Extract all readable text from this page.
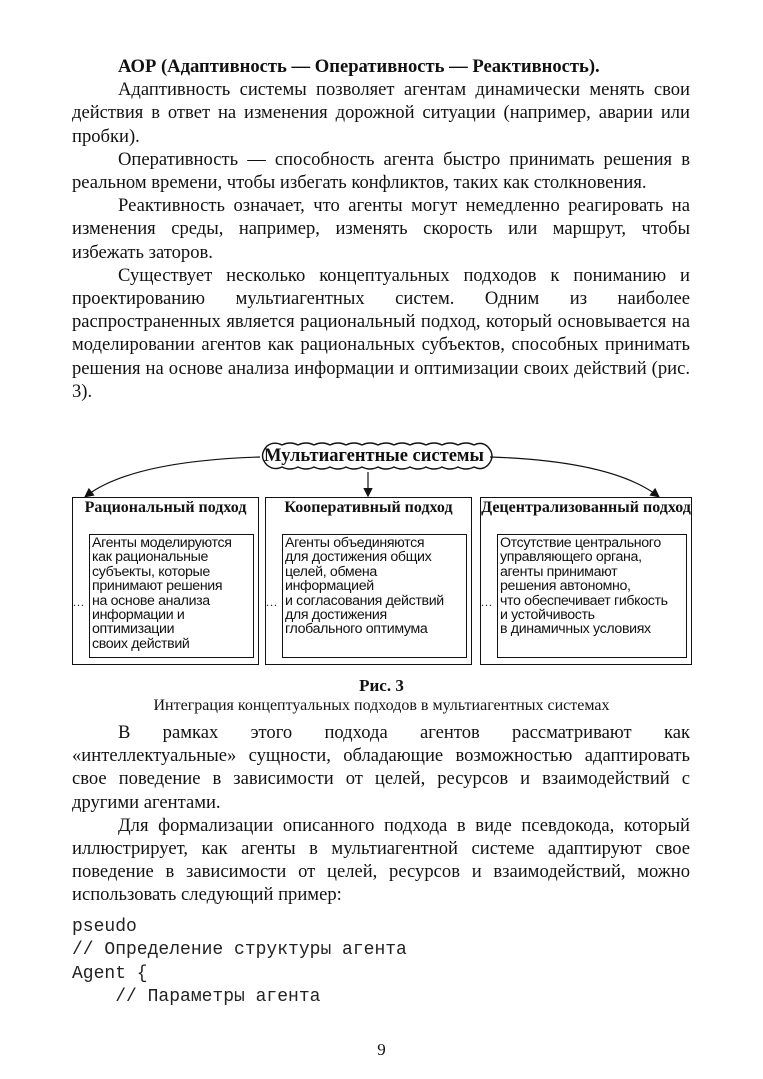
АОР (Адаптивность — Оперативность — Реактивность).

Адаптивность системы позволяет агентам динамически менять свои действия в ответ на изменения дорожной ситуации (например, аварии или пробки).

Оперативность — способность агента быстро принимать решения в реальном времени, чтобы избегать конфликтов, таких как столкновения.

Реактивность означает, что агенты могут немедленно реагировать на изменения среды, например, изменять скорость или маршрут, чтобы избежать заторов.

Существует несколько концептуальных подходов к пониманию и проектированию мультиагентных систем. Одним из наиболее распространенных является рациональный подход, который основывается на моделировании агентов как рациональных субъектов, способных принимать решения на основе анализа информации и оптимизации своих действий (рис. 3).

Мультиагентные системы
Рациональный подход
...
Агенты моделируются
как рациональные
субъекты, которые
принимают решения
на основе анализа
информации и
оптимизации
своих действий
Кооперативный подход
...
Агенты объединяются
для достижения общих
целей, обмена
информацией
и согласования действий
для достижения
глобального оптимума
Децентрализованный подход
...
Отсутствие центрального
управляющего органа,
агенты принимают
решения автономно,
что обеспечивает гибкость
и устойчивость
в динамичных условиях
Рис. 3
Интеграция концептуальных подходов в мультиагентных системах

В рамках этого подхода агентов рассматривают как «интеллектуальные» сущности, обладающие возможностью адаптировать свое поведение в зависимости от целей, ресурсов и взаимодействий с другими агентами.

Для формализации описанного подхода в виде псевдокода, который иллюстрирует, как агенты в мультиагентной системе адаптируют свое поведение в зависимости от целей, ресурсов и взаимодействий, можно использовать следующий пример:

pseudo
// Определение структуры агента
Agent {
// Параметры агента
9
